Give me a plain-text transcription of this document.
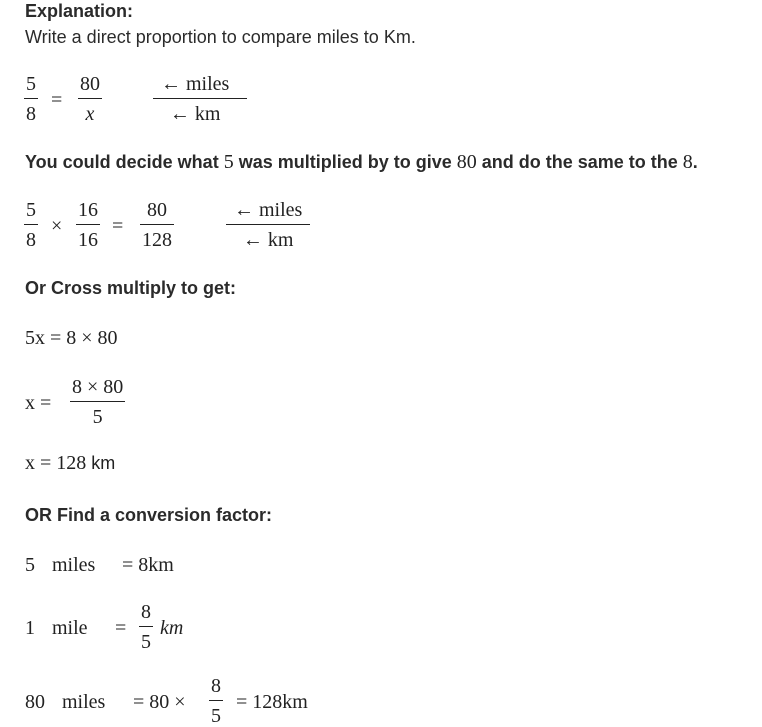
Explanation:
Write a direct proportion to compare miles to Km.
5
8
=
80
x
← miles
← km
You could decide what 5 was multiplied by to give 80 and do the same to the 8.
5
8
×
16
16
=
80
128
← miles
← km
Or Cross multiply to get:
5x = 8 × 80
x =
8 × 80
5
x = 128 km
OR Find a conversion factor:
5 miles = 8km
1 mile =
8
5
km
80 miles = 80 ×
8
5
= 128km
